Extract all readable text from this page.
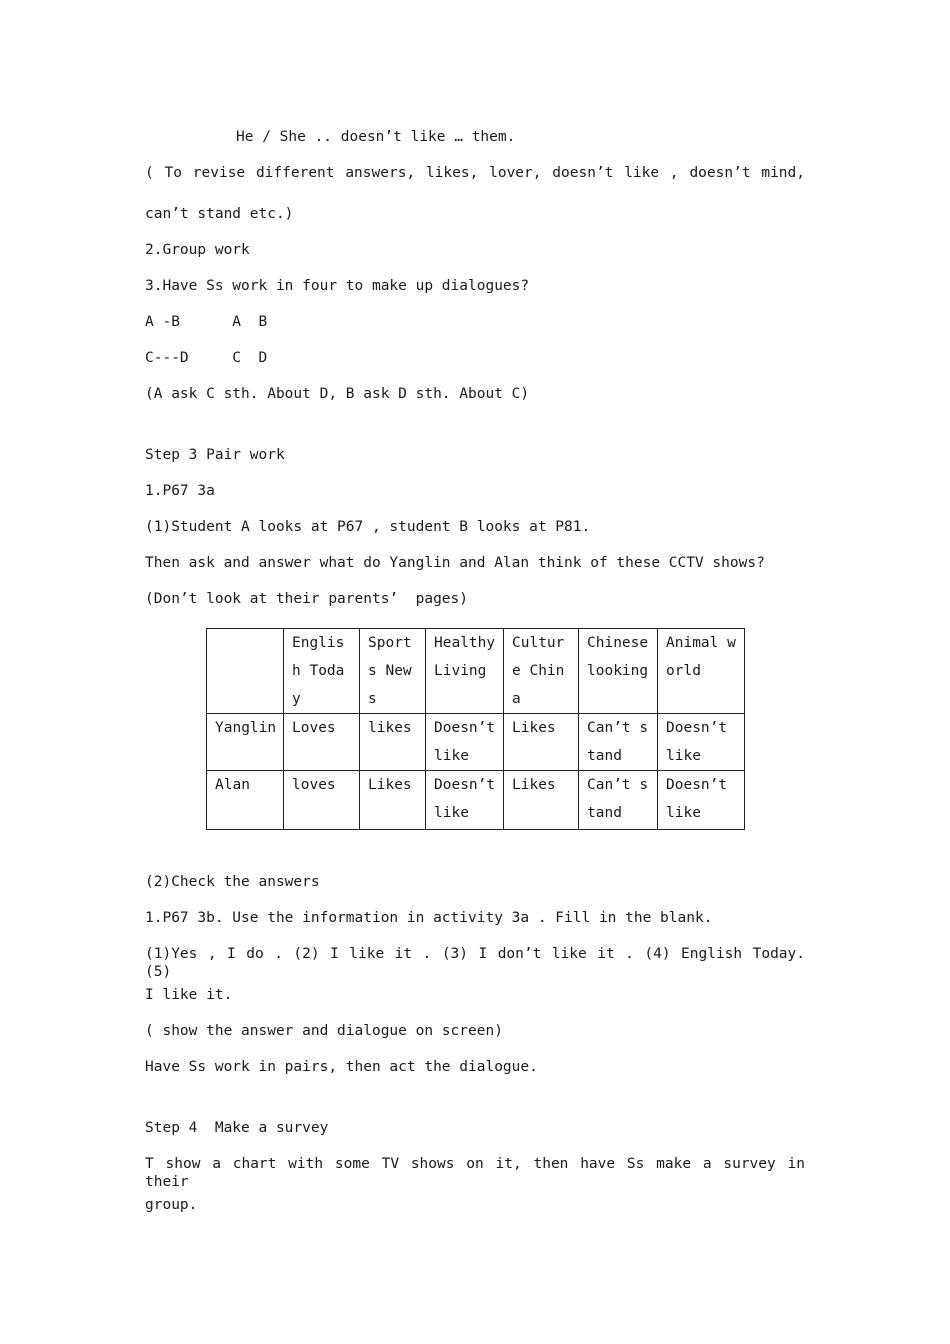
He / She .. doesn’t like … them.
( To revise different answers, likes, lover, doesn’t like , doesn’t mind,
can’t stand etc.)
2.Group work
3.Have Ss work in four to make up dialogues?
A -B      A  B
C---D     C  D
(A ask C sth. About D, B ask D sth. About C)
Step 3 Pair work
1.P67 3a
(1)Student A looks at P67 , student B looks at P81.
Then ask and answer what do Yanglin and Alan think of these CCTV shows?
(Don’t look at their parents’  pages)
	English Today	Sports News	Healthy Living	Culture China	Chinese looking	Animal world
Yanglin	Loves	likes	Doesn’t like	Likes	Can’t stand	Doesn’t like
Alan	loves	Likes	Doesn’t like	Likes	Can’t stand	Doesn’t like
(2)Check the answers
1.P67 3b. Use the information in activity 3a . Fill in the blank.
(1)Yes , I do . (2) I like it . (3) I don’t like it . (4) English Today. (5)
I like it.
( show the answer and dialogue on screen)
Have Ss work in pairs, then act the dialogue.
Step 4  Make a survey
T show a chart with some TV shows on it, then have Ss make a survey in their
group.
